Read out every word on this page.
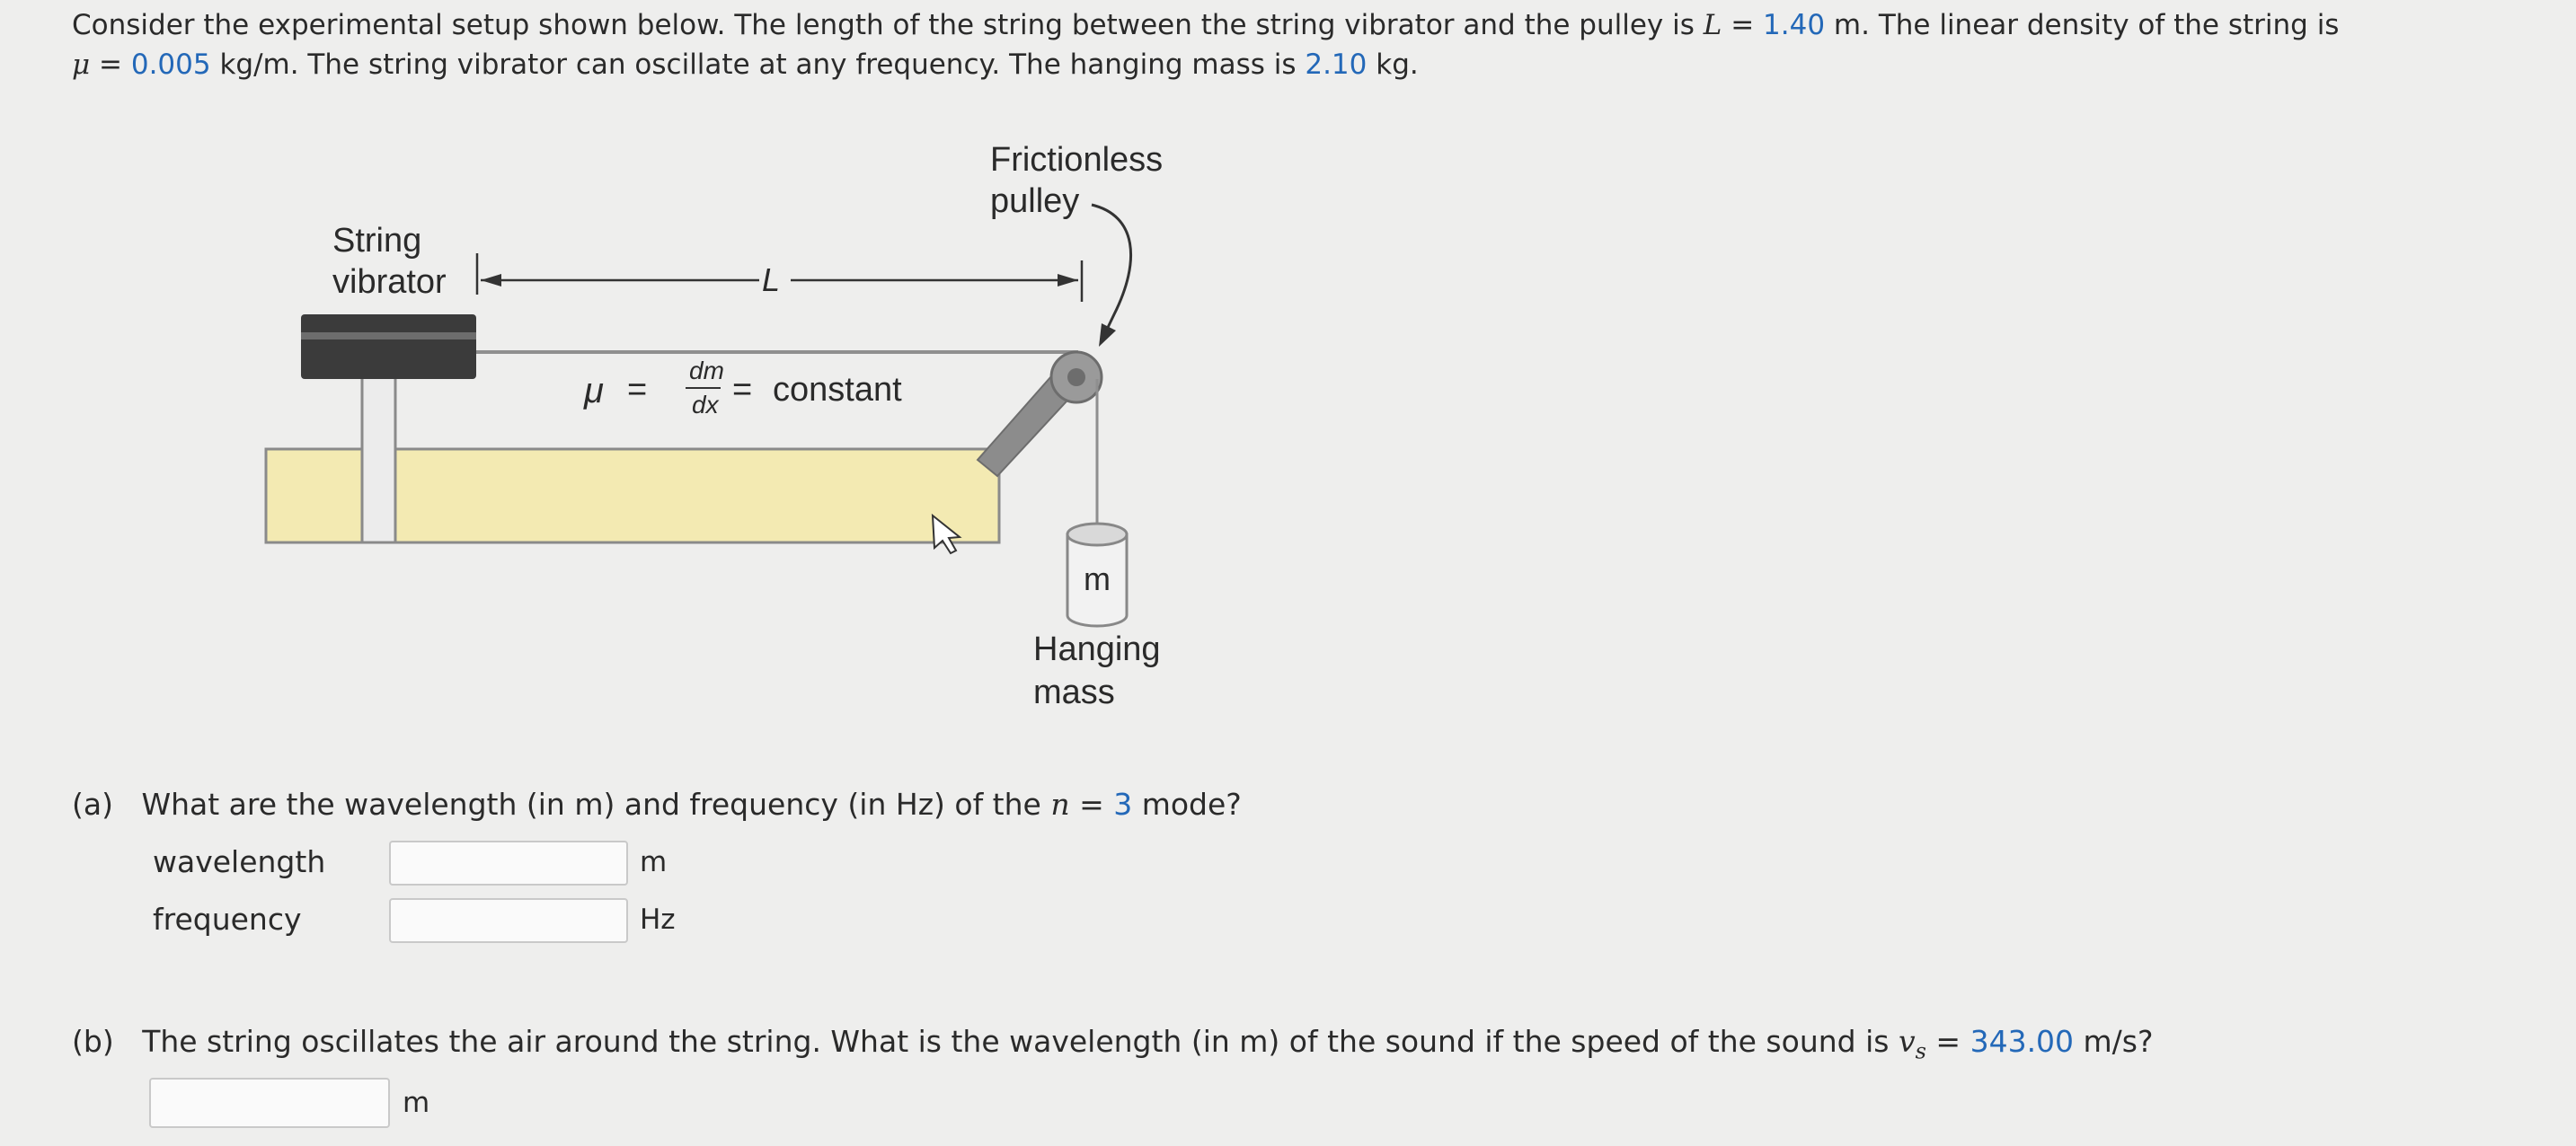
Consider the experimental setup shown below. The length of the string between the string vibrator and the pulley is L = 1.40 m. The linear density of the string is
μ = 0.005 kg/m. The string vibrator can oscillate at any frequency. The hanging mass is 2.10 kg.
Frictionless
pulley
String
vibrator	L
μ =
dm
dx = constant
m
Hanging
mass
(a) What are the wavelength (in m) and frequency (in Hz) of the n = 3 mode?
wavelength	m
frequency	Hz
(b) The string oscillates the air around the string. What is the wavelength (in m) of the sound if the speed of the sound is $v_s = 343.00$ m/s?
m
